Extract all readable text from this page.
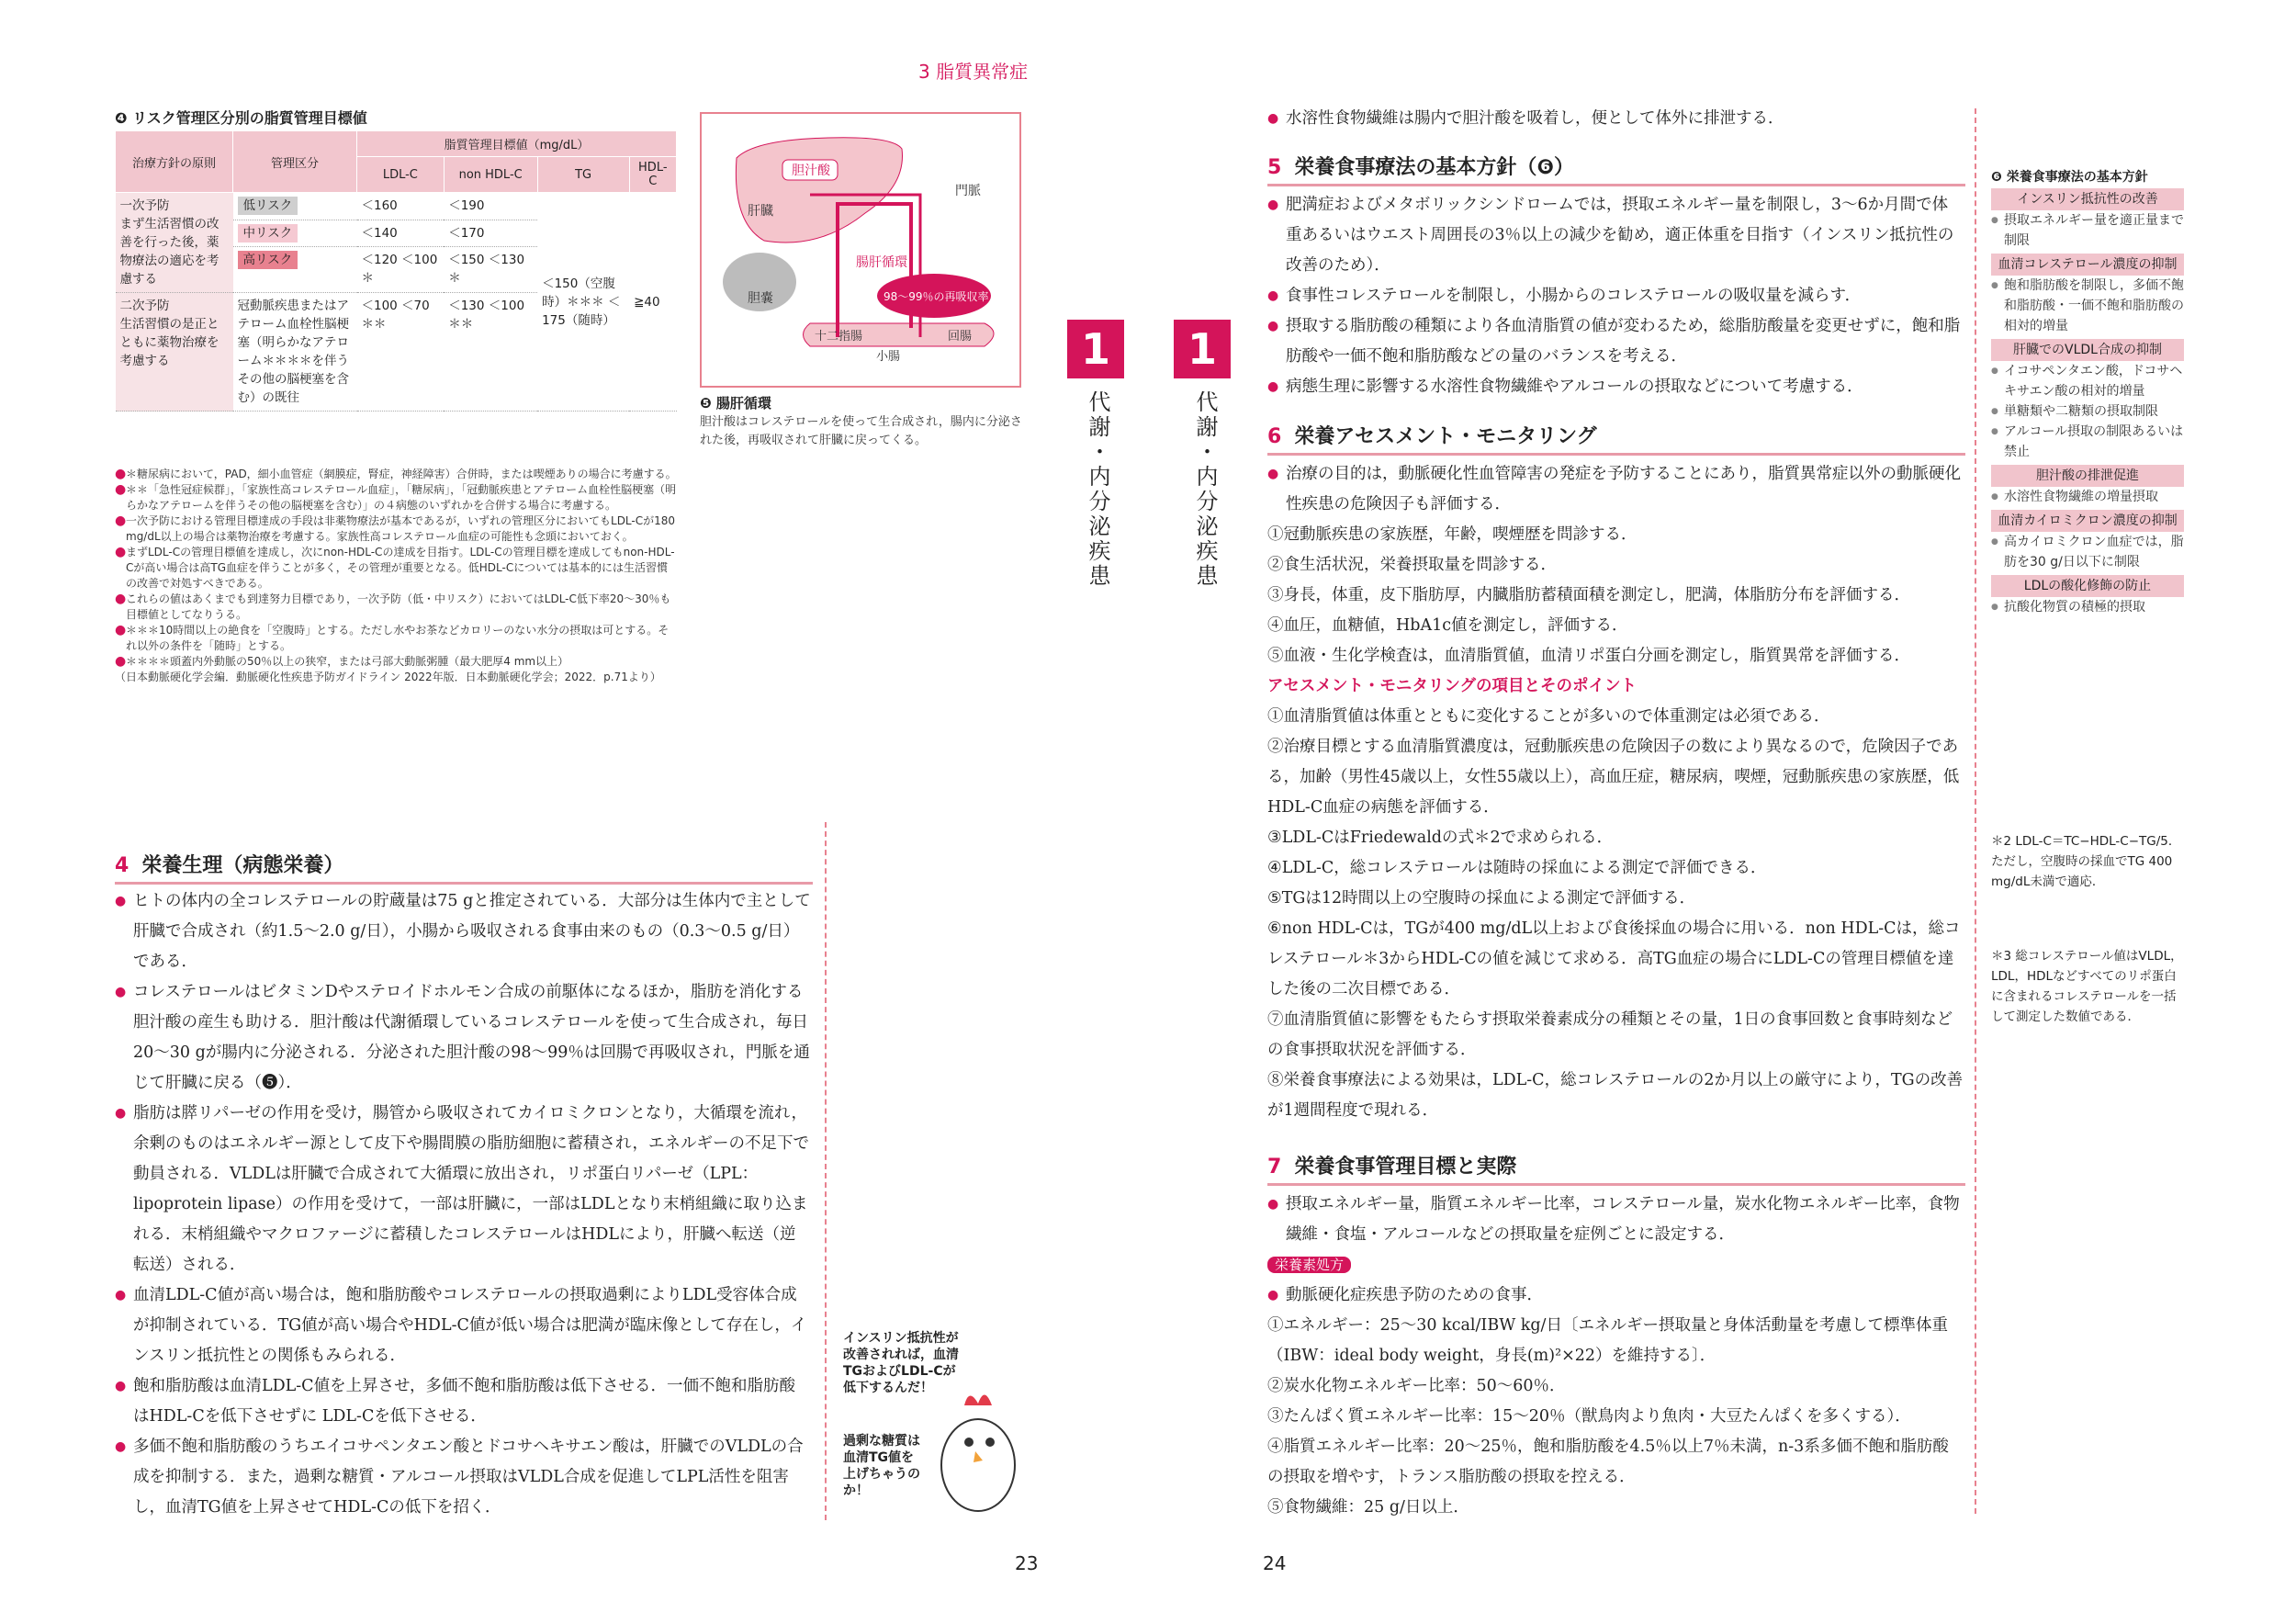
3 脂質異常症
❹ リスク管理区分別の脂質管理目標値
治療方針の原則	管理区分	脂質管理目標値（mg/dL）			
		LDL-C	non HDL-C	TG	HDL-C
一次予防
まず生活習慣の改善を行った後，薬物療法の適応を考慮する	低リスク	＜160	＜190	＜150（空腹時）＊＊＊ ＜175（随時）	≧40
	中リスク	＜140	＜170		
	高リスク	＜120 ＜100＊	＜150 ＜130＊		
二次予防
生活習慣の是正とともに薬物治療を考慮する	冠動脈疾患またはアテローム血栓性脳梗塞（明らかなアテローム＊＊＊＊を伴うその他の脳梗塞を含む）の既往	＜100 ＜70＊＊	＜130 ＜100＊＊		
● ＊糖尿病において，PAD，細小血管症（網膜症，腎症，神経障害）合併時，または喫煙ありの場合に考慮する。
● ＊＊「急性冠症候群」，「家族性高コレステロール血症」，「糖尿病」，「冠動脈疾患とアテローム血栓性脳梗塞（明らかなアテロームを伴うその他の脳梗塞を含む）」の４病態のいずれかを合併する場合に考慮する。
● 一次予防における管理目標達成の手段は非薬物療法が基本であるが，いずれの管理区分においてもLDL-Cが180 mg/dL以上の場合は薬物治療を考慮する。家族性高コレステロール血症の可能性も念頭においておく。
● まずLDL-Cの管理目標値を達成し，次にnon-HDL-Cの達成を目指す。LDL-Cの管理目標を達成してもnon-HDL-Cが高い場合は高TG血症を伴うことが多く，その管理が重要となる。低HDL-Cについては基本的には生活習慣の改善で対処すべきである。
● これらの値はあくまでも到達努力目標であり，一次予防（低・中リスク）においてはLDL-C低下率20〜30％も目標値としてなりうる。
● ＊＊＊10時間以上の絶食を「空腹時」とする。ただし水やお茶などカロリーのない水分の摂取は可とする。それ以外の条件を「随時」とする。
● ＊＊＊＊頭蓋内外動脈の50％以上の狭窄，または弓部大動脈粥腫（最大肥厚4 mm以上）
（日本動脈硬化学会編．動脈硬化性疾患予防ガイドライン 2022年版．日本動脈硬化学会；2022．p.71より）
胆汁酸
肝臓
門脈
腸肝循環
98〜99％の再吸収率！
胆嚢
十二指腸
小腸
回腸
❺ 腸肝循環
胆汁酸はコレステロールを使って生合成され，腸内に分泌された後，再吸収されて肝臓に戻ってくる。
4 栄養生理（病態栄養）
● ヒトの体内の全コレステロールの貯蔵量は75 gと推定されている．大部分は生体内で主として肝臓で合成され（約1.5〜2.0 g/日），小腸から吸収される食事由来のもの（0.3〜0.5 g/日）である．
● コレステロールはビタミンDやステロイドホルモン合成の前駆体になるほか，脂肪を消化する胆汁酸の産生も助ける．胆汁酸は代謝循環しているコレステロールを使って生合成され，毎日20〜30 gが腸内に分泌される．分泌された胆汁酸の98〜99％は回腸で再吸収され，門脈を通じて肝臓に戻る（❺）．
● 脂肪は膵リパーゼの作用を受け，腸管から吸収されてカイロミクロンとなり，大循環を流れ，余剰のものはエネルギー源として皮下や腸間膜の脂肪細胞に蓄積され，エネルギーの不足下で動員される．VLDLは肝臓で合成されて大循環に放出され，リポ蛋白リパーゼ（LPL：lipoprotein lipase）の作用を受けて，一部は肝臓に，一部はLDLとなり末梢組織に取り込まれる．末梢組織やマクロファージに蓄積したコレステロールはHDLにより，肝臓へ転送（逆転送）される．
● 血清LDL-C値が高い場合は，飽和脂肪酸やコレステロールの摂取過剰によりLDL受容体合成が抑制されている．TG値が高い場合やHDL-C値が低い場合は肥満が臨床像として存在し，インスリン抵抗性との関係もみられる．
● 飽和脂肪酸は血清LDL-C値を上昇させ，多価不飽和脂肪酸は低下させる．一価不飽和脂肪酸はHDL-Cを低下させずに LDL-Cを低下させる．
● 多価不飽和脂肪酸のうちエイコサペンタエン酸とドコサヘキサエン酸は，肝臓でのVLDLの合成を抑制する．また，過剰な糖質・アルコール摂取はVLDL合成を促進してLPL活性を阻害し，血清TG値を上昇させてHDL-Cの低下を招く．
インスリン抵抗性が改善されれば，血清TGおよびLDL-Cが低下するんだ！
過剰な糖質は血清TG値を上げちゃうのか！
23	24
1	1
代謝・内分泌疾患	代謝・内分泌疾患
● 水溶性食物繊維は腸内で胆汁酸を吸着し，便として体外に排泄する．
5 栄養食事療法の基本方針（❻）
● 肥満症およびメタボリックシンドロームでは，摂取エネルギー量を制限し，3〜6か月間で体重あるいはウエスト周囲長の3％以上の減少を勧め，適正体重を目指す（インスリン抵抗性の改善のため）．
● 食事性コレステロールを制限し，小腸からのコレステロールの吸収量を減らす．
● 摂取する脂肪酸の種類により各血清脂質の値が変わるため，総脂肪酸量を変更せずに，飽和脂肪酸や一価不飽和脂肪酸などの量のバランスを考える．
● 病態生理に影響する水溶性食物繊維やアルコールの摂取などについて考慮する．
6 栄養アセスメント・モニタリング
● 治療の目的は，動脈硬化性血管障害の発症を予防することにあり，脂質異常症以外の動脈硬化性疾患の危険因子も評価する．
①冠動脈疾患の家族歴，年齢，喫煙歴を問診する．
②食生活状況，栄養摂取量を問診する．
③身長，体重，皮下脂肪厚，内臓脂肪蓄積面積を測定し，肥満，体脂肪分布を評価する．
④血圧，血糖値，HbA1c値を測定し，評価する．
⑤血液・生化学検査は，血清脂質値，血清リポ蛋白分画を測定し，脂質異常を評価する．
アセスメント・モニタリングの項目とそのポイント
①血清脂質値は体重とともに変化することが多いので体重測定は必須である．
②治療目標とする血清脂質濃度は，冠動脈疾患の危険因子の数により異なるので，危険因子である，加齢（男性45歳以上，女性55歳以上），高血圧症，糖尿病，喫煙，冠動脈疾患の家族歴，低HDL-C血症の病態を評価する．
③LDL-CはFriedewaldの式＊2で求められる．
④LDL-C，総コレステロールは随時の採血による測定で評価できる．
⑤TGは12時間以上の空腹時の採血による測定で評価する．
⑥non HDL-Cは，TGが400 mg/dL以上および食後採血の場合に用いる．non HDL-Cは，総コレステロール＊3からHDL-Cの値を減じて求める．高TG血症の場合にLDL-Cの管理目標値を達した後の二次目標である．
⑦血清脂質値に影響をもたらす摂取栄養素成分の種類とその量，1日の食事回数と食事時刻などの食事摂取状況を評価する．
⑧栄養食事療法による効果は，LDL-C，総コレステロールの2か月以上の厳守により，TGの改善が1週間程度で現れる．
7 栄養食事管理目標と実際
● 摂取エネルギー量，脂質エネルギー比率，コレステロール量，炭水化物エネルギー比率，食物繊維・食塩・アルコールなどの摂取量を症例ごとに設定する．
栄養素処方
● 動脈硬化症疾患予防のための食事．
①エネルギー：25〜30 kcal/IBW kg/日〔エネルギー摂取量と身体活動量を考慮して標準体重（IBW：ideal body weight，身長(m)²×22）を維持する〕．
②炭水化物エネルギー比率：50〜60％．
③たんぱく質エネルギー比率：15〜20％（獣鳥肉より魚肉・大豆たんぱくを多くする）．
④脂質エネルギー比率：20〜25％，飽和脂肪酸を4.5％以上7％未満，n-3系多価不飽和脂肪酸の摂取を増やす，トランス脂肪酸の摂取を控える．
⑤食物繊維：25 g/日以上．
❻ 栄養食事療法の基本方針
インスリン抵抗性の改善
● 摂取エネルギー量を適正量まで制限
血清コレステロール濃度の抑制
● 飽和脂肪酸を制限し，多価不飽和脂肪酸・一価不飽和脂肪酸の相対的増量
肝臓でのVLDL合成の抑制
● イコサペンタエン酸，ドコサヘキサエン酸の相対的増量
● 単糖類や二糖類の摂取制限
● アルコール摂取の制限あるいは禁止
胆汁酸の排泄促進
● 水溶性食物繊維の増量摂取
血清カイロミクロン濃度の抑制
● 高カイロミクロン血症では，脂肪を30 g/日以下に制限
LDLの酸化修飾の防止
● 抗酸化物質の積極的摂取
＊2 LDL-C＝TC−HDL-C−TG/5．ただし，空腹時の採血でTG 400 mg/dL未満で適応．
＊3 総コレステロール値はVLDL，LDL，HDLなどすべてのリポ蛋白に含まれるコレステロールを一括して測定した数値である．
